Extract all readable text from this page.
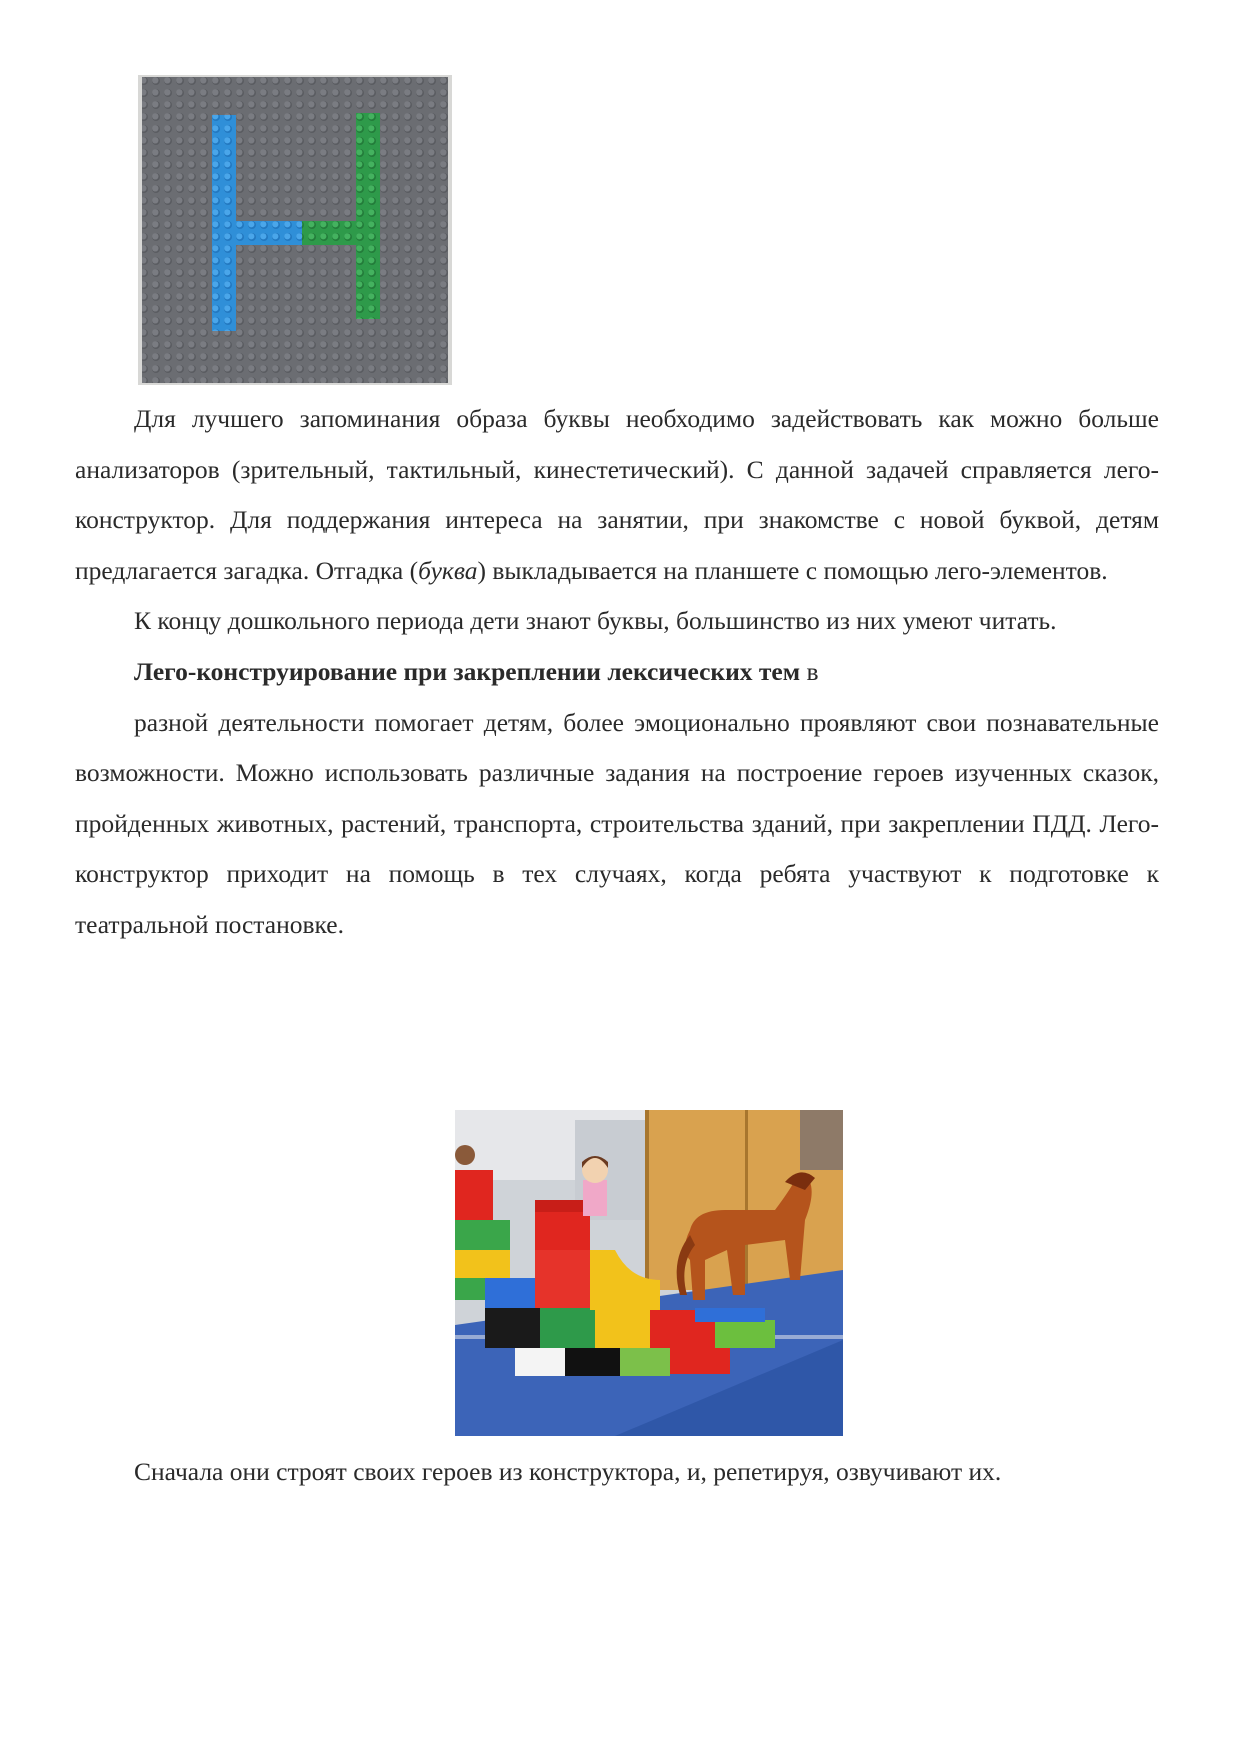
Для лучшего запоминания образа буквы необходимо задействовать как можно больше анализаторов (зрительный, тактильный, кинестетический). С данной задачей справляется лего-конструктор. Для поддержания интереса на занятии, при знакомстве с новой буквой, детям предлагается загадка. Отгадка (буква) выкладывается на планшете с помощью лего-элементов.

К концу дошкольного периода дети знают буквы, большинство из них умеют читать.

Лего-конструирование при закреплении лексических тем в

разной деятельности помогает детям, более эмоционально проявляют свои познавательные возможности. Можно использовать различные задания на построение героев изученных сказок, пройденных животных, растений, транспорта, строительства зданий, при закреплении ПДД. Лего-конструктор приходит на помощь в тех случаях, когда ребята участвуют к подготовке к театральной постановке.

Сначала они строят своих героев из конструктора, и, репетируя, озвучивают их.
